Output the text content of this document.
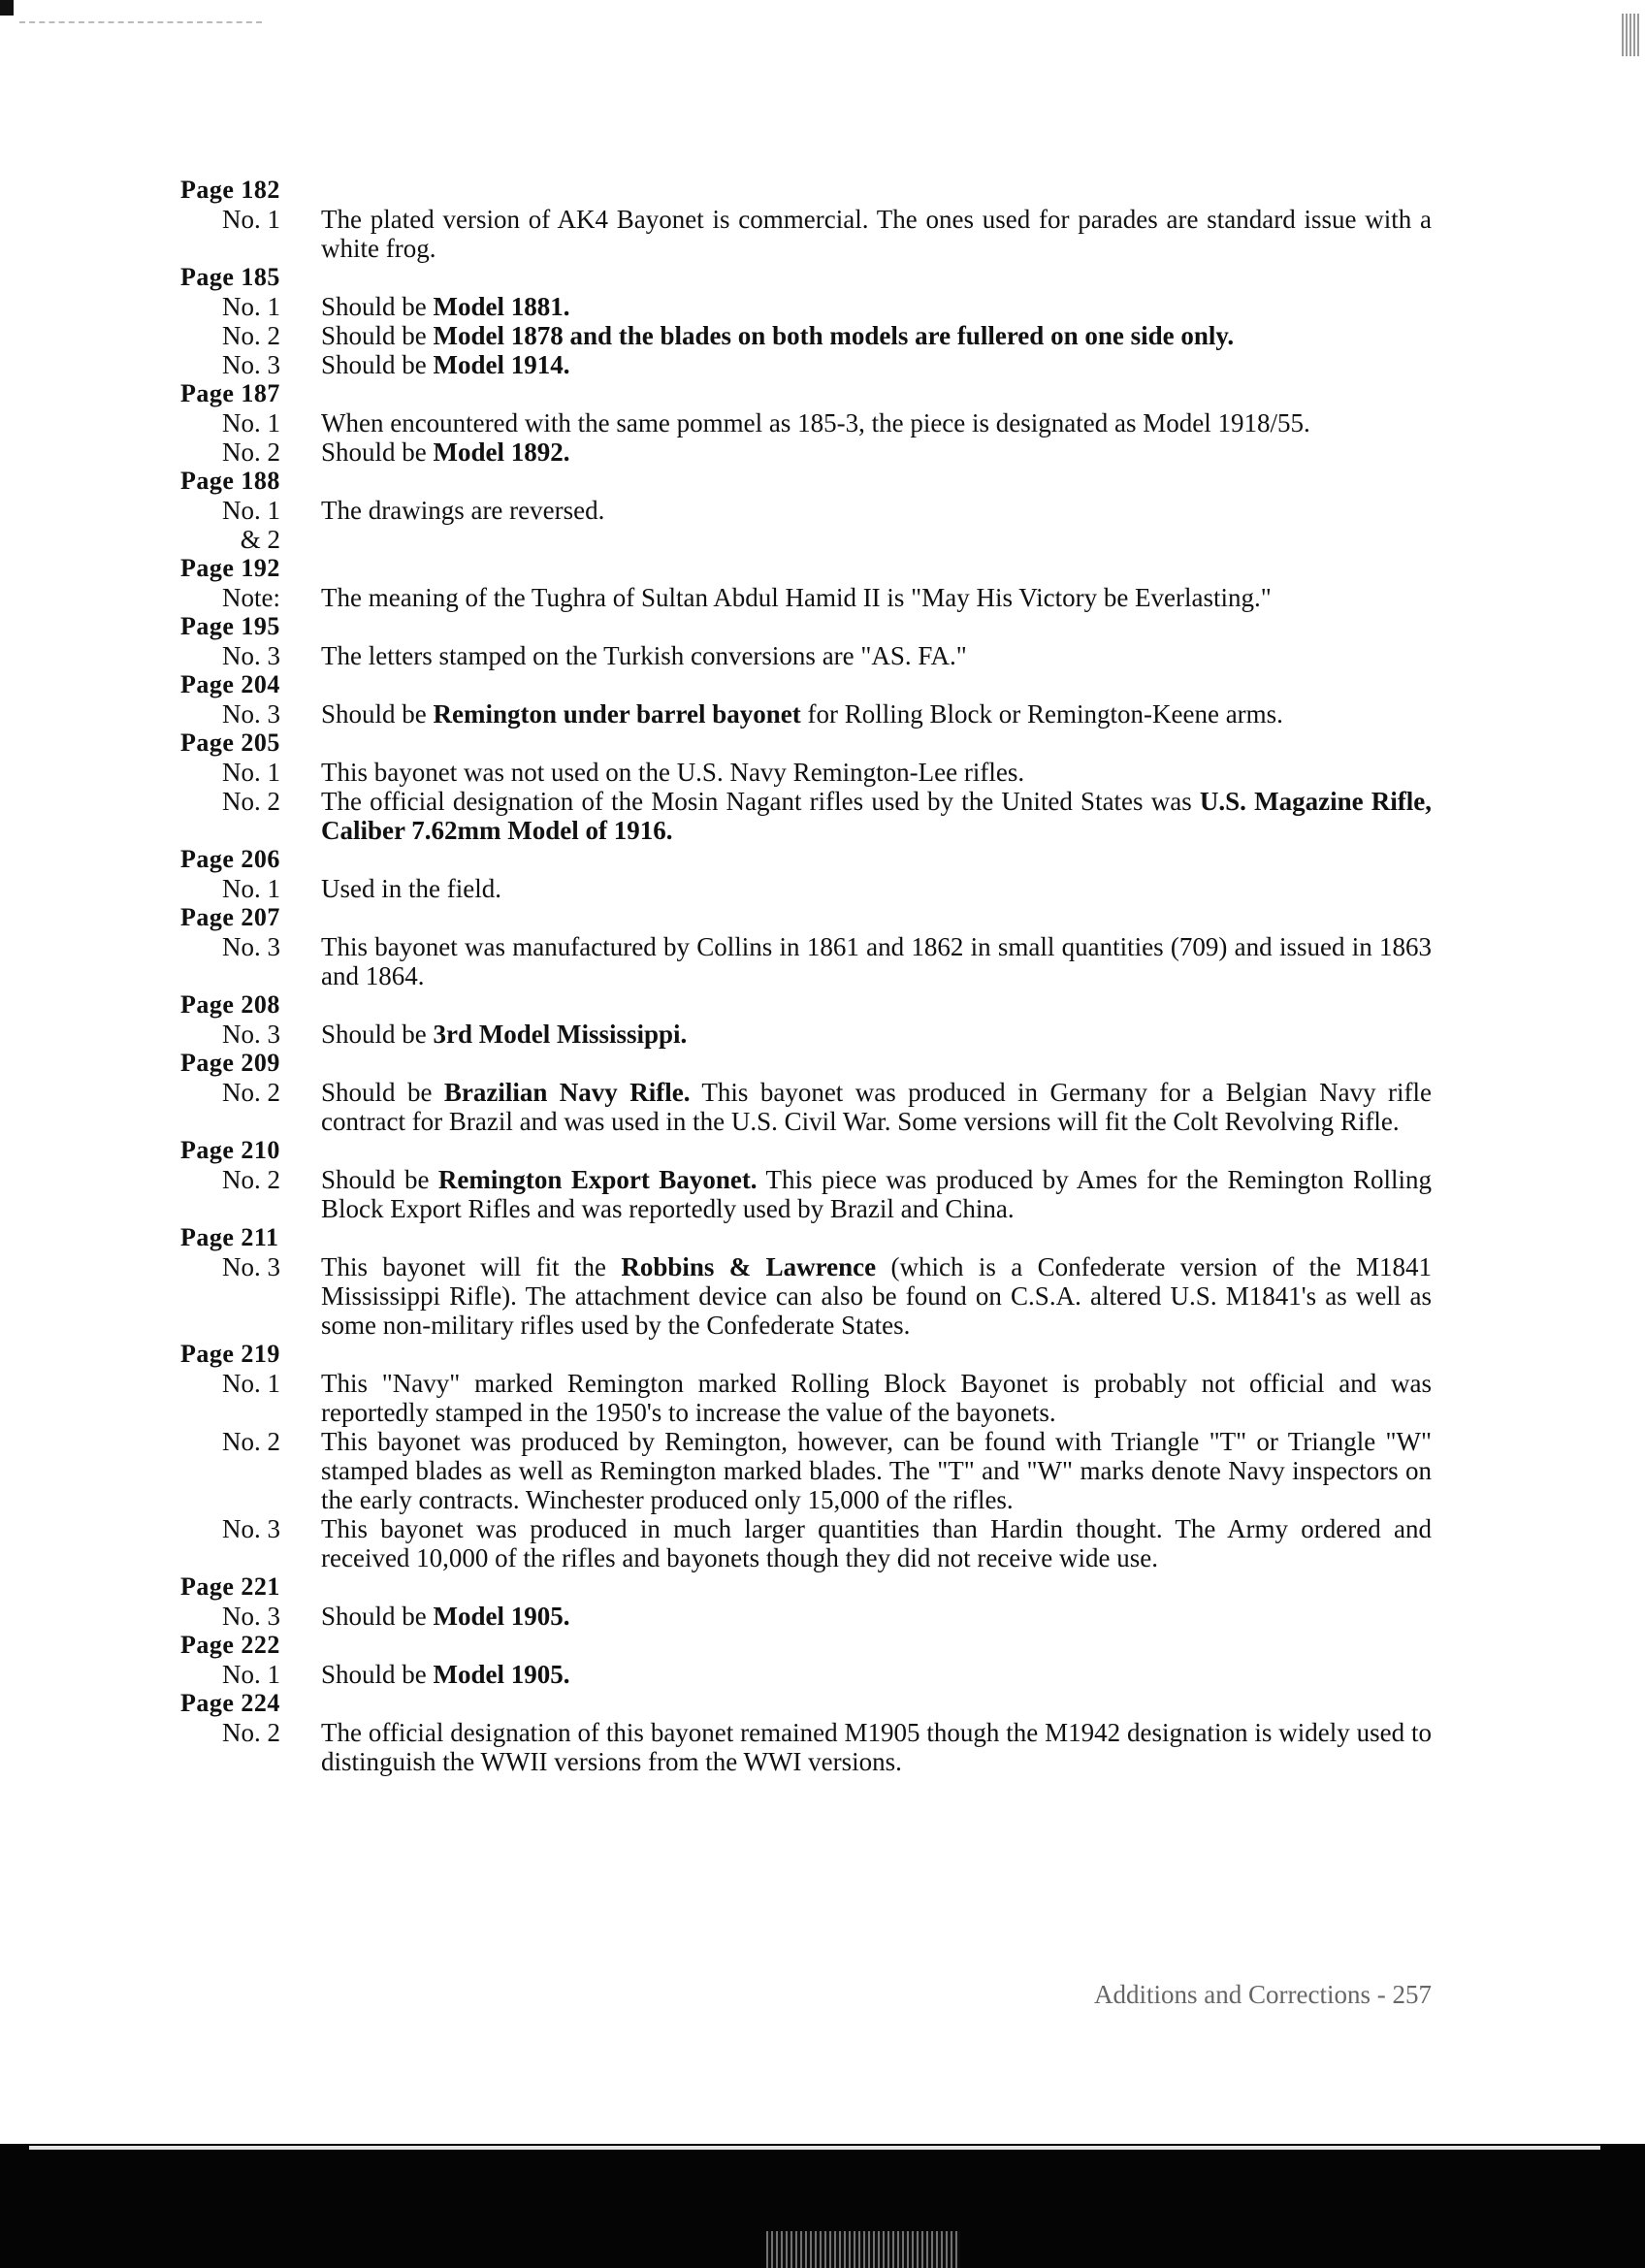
Page 182
No. 1 The plated version of AK4 Bayonet is commercial. The ones used for parades are standard issue with a white frog.
Page 185
No. 1 Should be Model 1881.
No. 2 Should be Model 1878 and the blades on both models are fullered on one side only.
No. 3 Should be Model 1914.
Page 187
No. 1 When encountered with the same pommel as 185-3, the piece is designated as Model 1918/55.
No. 2 Should be Model 1892.
Page 188
No. 1
& 2
The drawings are reversed.
Page 192
Note: The meaning of the Tughra of Sultan Abdul Hamid II is "May His Victory be Everlasting."
Page 195
No. 3 The letters stamped on the Turkish conversions are "AS. FA."
Page 204
No. 3 Should be Remington under barrel bayonet for Rolling Block or Remington-Keene arms.
Page 205
No. 1 This bayonet was not used on the U.S. Navy Remington-Lee rifles.
No. 2 The official designation of the Mosin Nagant rifles used by the United States was U.S. Magazine Rifle, Caliber 7.62mm Model of 1916.
Page 206
No. 1 Used in the field.
Page 207
No. 3 This bayonet was manufactured by Collins in 1861 and 1862 in small quantities (709) and issued in 1863 and 1864.
Page 208
No. 3 Should be 3rd Model Mississippi.
Page 209
No. 2 Should be Brazilian Navy Rifle. This bayonet was produced in Germany for a Belgian Navy rifle contract for Brazil and was used in the U.S. Civil War. Some versions will fit the Colt Revolving Rifle.
Page 210
No. 2 Should be Remington Export Bayonet. This piece was produced by Ames for the Remington Rolling Block Export Rifles and was reportedly used by Brazil and China.
Page 211
No. 3 This bayonet will fit the Robbins & Lawrence (which is a Confederate version of the M1841 Mississippi Rifle). The attachment device can also be found on C.S.A. altered U.S. M1841's as well as some non-military rifles used by the Confederate States.
Page 219
No. 1 This "Navy" marked Remington marked Rolling Block Bayonet is probably not official and was reportedly stamped in the 1950's to increase the value of the bayonets.
No. 2 This bayonet was produced by Remington, however, can be found with Triangle "T" or Triangle "W" stamped blades as well as Remington marked blades. The "T" and "W" marks denote Navy inspectors on the early contracts. Winchester produced only 15,000 of the rifles.
No. 3 This bayonet was produced in much larger quantities than Hardin thought. The Army ordered and received 10,000 of the rifles and bayonets though they did not receive wide use.
Page 221
No. 3 Should be Model 1905.
Page 222
No. 1 Should be Model 1905.
Page 224
No. 2 The official designation of this bayonet remained M1905 though the M1942 designation is widely used to distinguish the WWII versions from the WWI versions.
Additions and Corrections - 257
